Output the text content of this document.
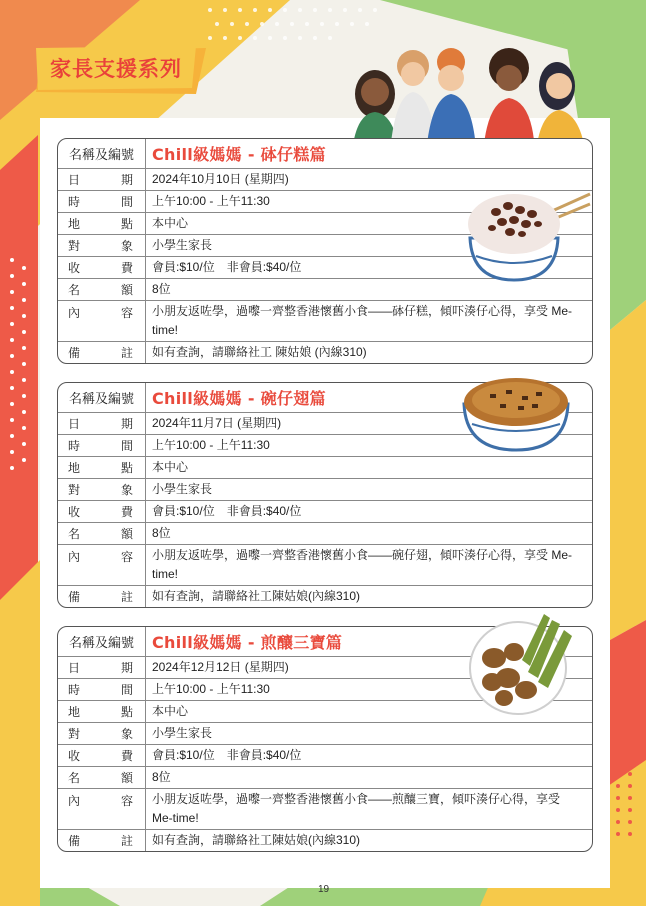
家長支援系列
名稱及編號	Chill級媽媽 - 砵仔糕篇
日	期	2024年10月10日 (星期四)
時	間	上午10:00 - 上午11:30
地	點	本中心
對	象	小學生家長
收	費	會員:$10/位　非會員:$40/位
名	額	8位
內	容	小朋友返咗學，過嚟一齊整香港懷舊小食——砵仔糕，傾吓湊仔心得，享受 Me-time!
備	註	如有查詢，請聯絡社工 陳姑娘 (內線310)
名稱及編號	Chill級媽媽 - 碗仔翅篇
日	期	2024年11月7日 (星期四)
時	間	上午10:00 - 上午11:30
地	點	本中心
對	象	小學生家長
收	費	會員:$10/位　非會員:$40/位
名	額	8位
內	容	小朋友返咗學，過嚟一齊整香港懷舊小食——碗仔翅，傾吓湊仔心得，享受 Me-time!
備	註	如有查詢，請聯絡社工陳姑娘(內線310)
名稱及編號	Chill級媽媽 - 煎釀三寶篇
日	期	2024年12月12日 (星期四)
時	間	上午10:00 - 上午11:30
地	點	本中心
對	象	小學生家長
收	費	會員:$10/位　非會員:$40/位
名	額	8位
內	容	小朋友返咗學，過嚟一齊整香港懷舊小食——煎釀三寶，傾吓湊仔心得，享受 Me-time!
備	註	如有查詢，請聯絡社工陳姑娘(內線310)
19
